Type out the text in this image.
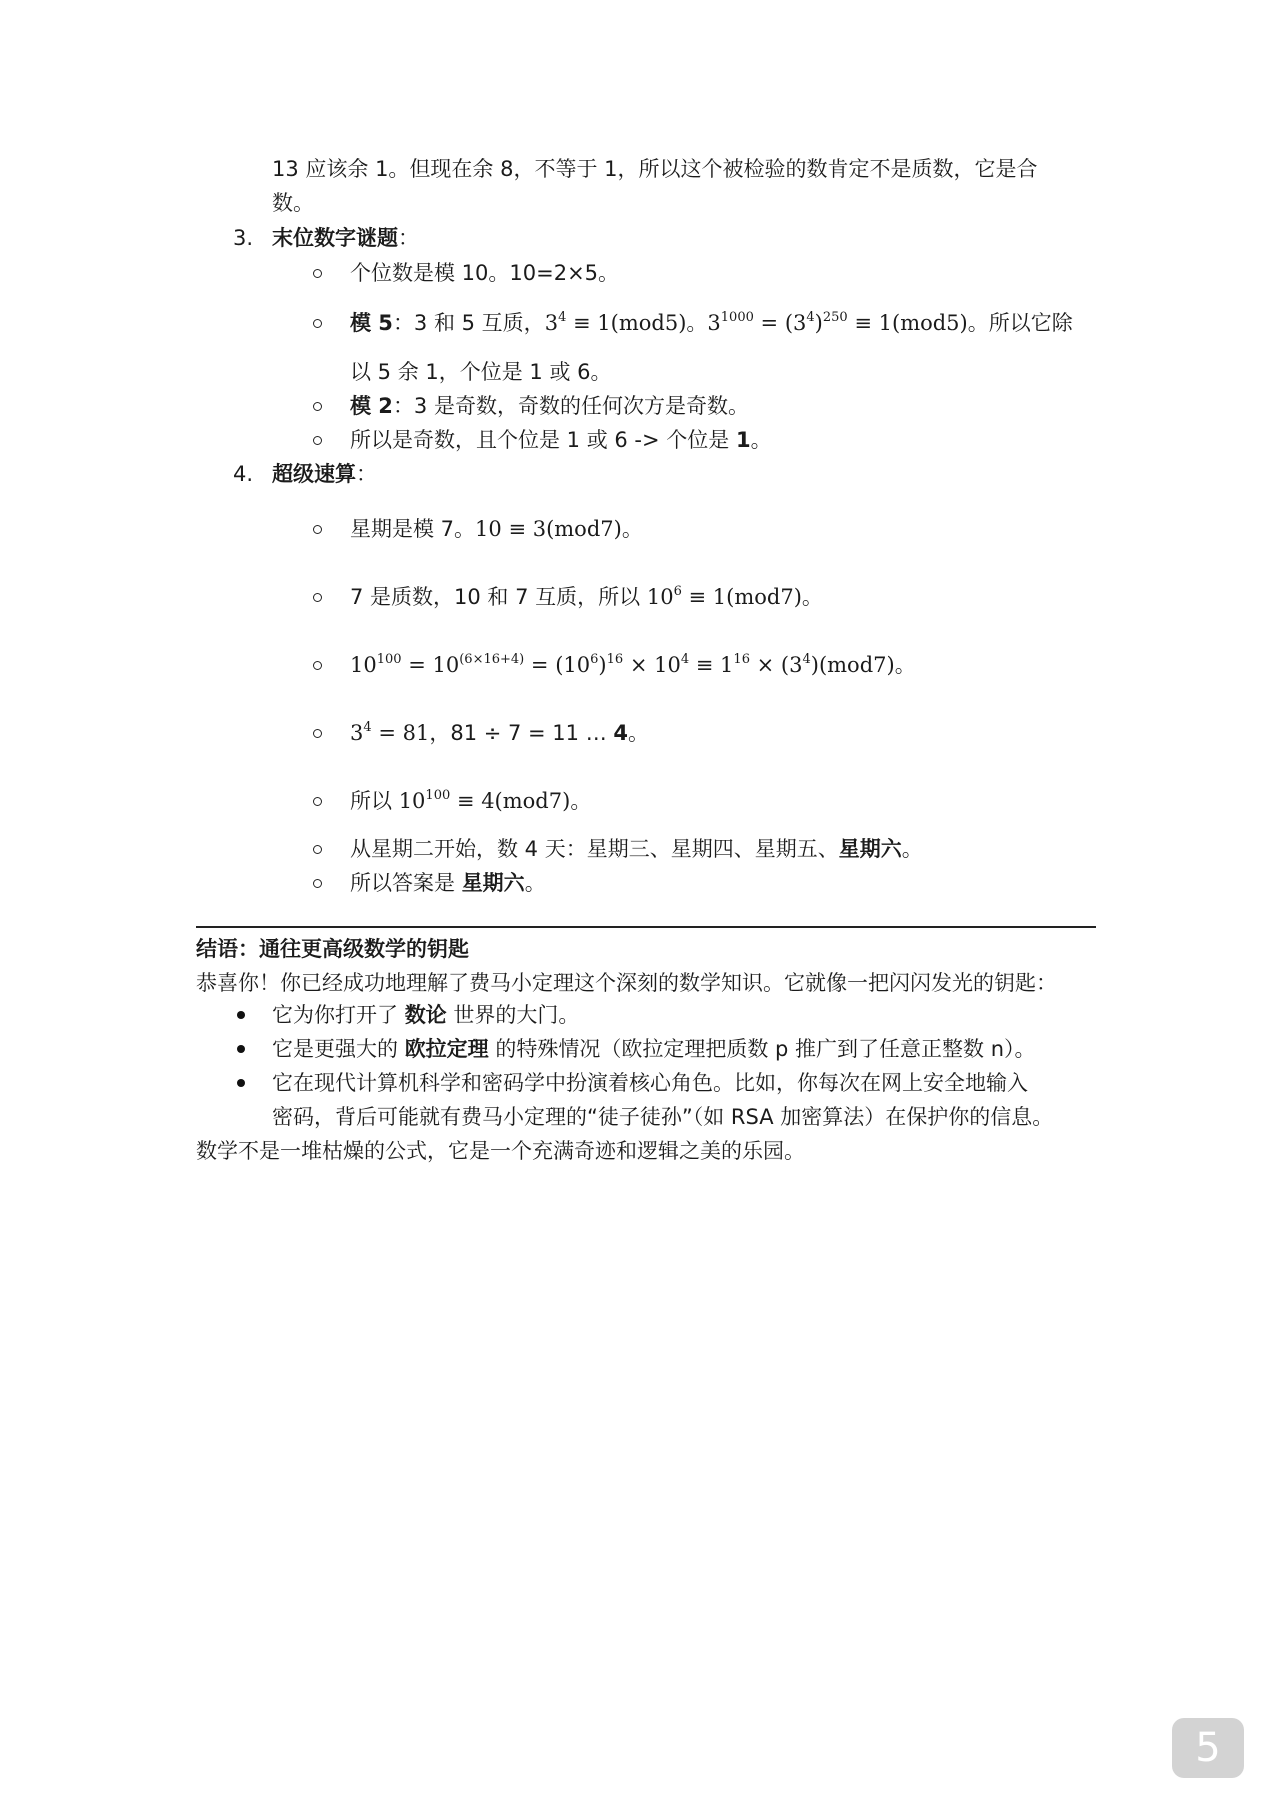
13 应该余 1。但现在余 8，不等于 1，所以这个被检验的数肯定不是质数，它是合
数。
3. 末位数字谜题：
个位数是模 10。10=2×5。
模 5：3 和 5 互质，$3^4 \equiv 1(mod5)$。$3^{1000} = (3^4)^{250} \equiv 1(mod5)$。所以它除
以 5 余 1，个位是 1 或 6。
模 2：3 是奇数，奇数的任何次方是奇数。
所以是奇数，且个位是 1 或 6 -> 个位是 1。
4. 超级速算：
星期是模 7。10 ≡ 3(mod7)。
7 是质数，10 和 7 互质，所以 $10^6 \equiv 1(mod7)$。
$10^{100} = 10^{(6\times 16+4)} = (10^6)^{16} \times 10^4 \equiv 1^{16} \times (3^4)(mod7)$。
$3^4 = 81$，81 ÷ 7 = 11 … 4。
所以 $10^{100} \equiv 4(mod7)$。
从星期二开始，数 4 天：星期三、星期四、星期五、星期六。
所以答案是 星期六。
结语：通往更高级数学的钥匙
恭喜你！你已经成功地理解了费马小定理这个深刻的数学知识。它就像一把闪闪发光的钥匙：
它为你打开了 数论 世界的大门。
它是更强大的 欧拉定理 的特殊情况（欧拉定理把质数 p 推广到了任意正整数 n）。
它在现代计算机科学和密码学中扮演着核心角色。比如，你每次在网上安全地输入
密码，背后可能就有费马小定理的“徒子徒孙”（如 RSA 加密算法）在保护你的信息。
数学不是一堆枯燥的公式，它是一个充满奇迹和逻辑之美的乐园。
5
